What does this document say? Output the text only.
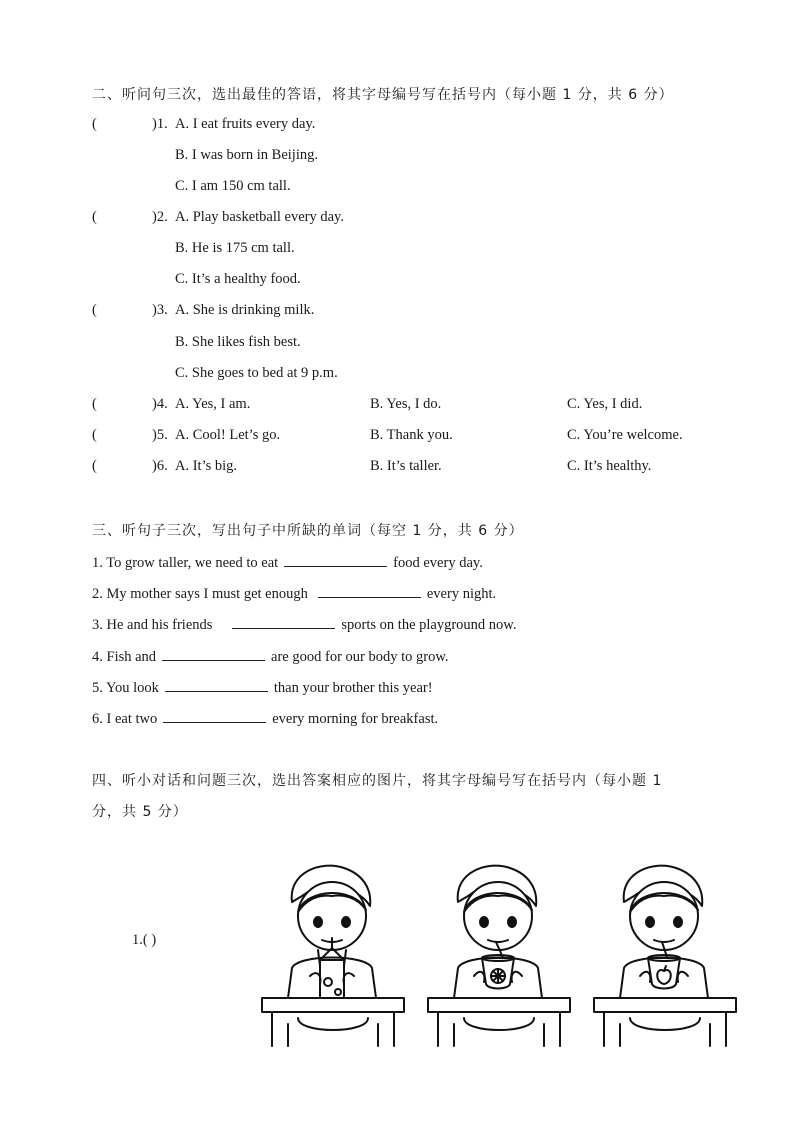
二、听问句三次，选出最佳的答语，将其字母编号写在括号内（每小题 1 分，共 6 分）
(	)1. A. I eat fruits every day.
B. I was born in Beijing.
C. I am 150 cm tall.
(	)2. A. Play basketball every day.
B. He is 175 cm tall.
C. It’s a healthy food.
(	)3. A. She is drinking milk.
B. She likes fish best.
C. She goes to bed at 9 p.m.
(	)4. A. Yes, I am.	B. Yes, I do.	C. Yes, I did.
(	)5. A. Cool! Let’s go.	B. Thank you.	C. You’re welcome.
(	)6. A. It’s big.	B. It’s taller.	C. It’s healthy.
三、听句子三次，写出句子中所缺的单词（每空 1 分，共 6 分）
1. To grow taller, we need to eat	food every day.
2. My mother says I must get enough	every night.
3. He and his friends	sports on the playground now.
4. Fish and	are good for our body to grow.
5. You look	than your brother this year!
6. I eat two	every morning for breakfast.
四、听小对话和问题三次，选出答案相应的图片，将其字母编号写在括号内（每小题 1
分，共 5 分）
1.( )
